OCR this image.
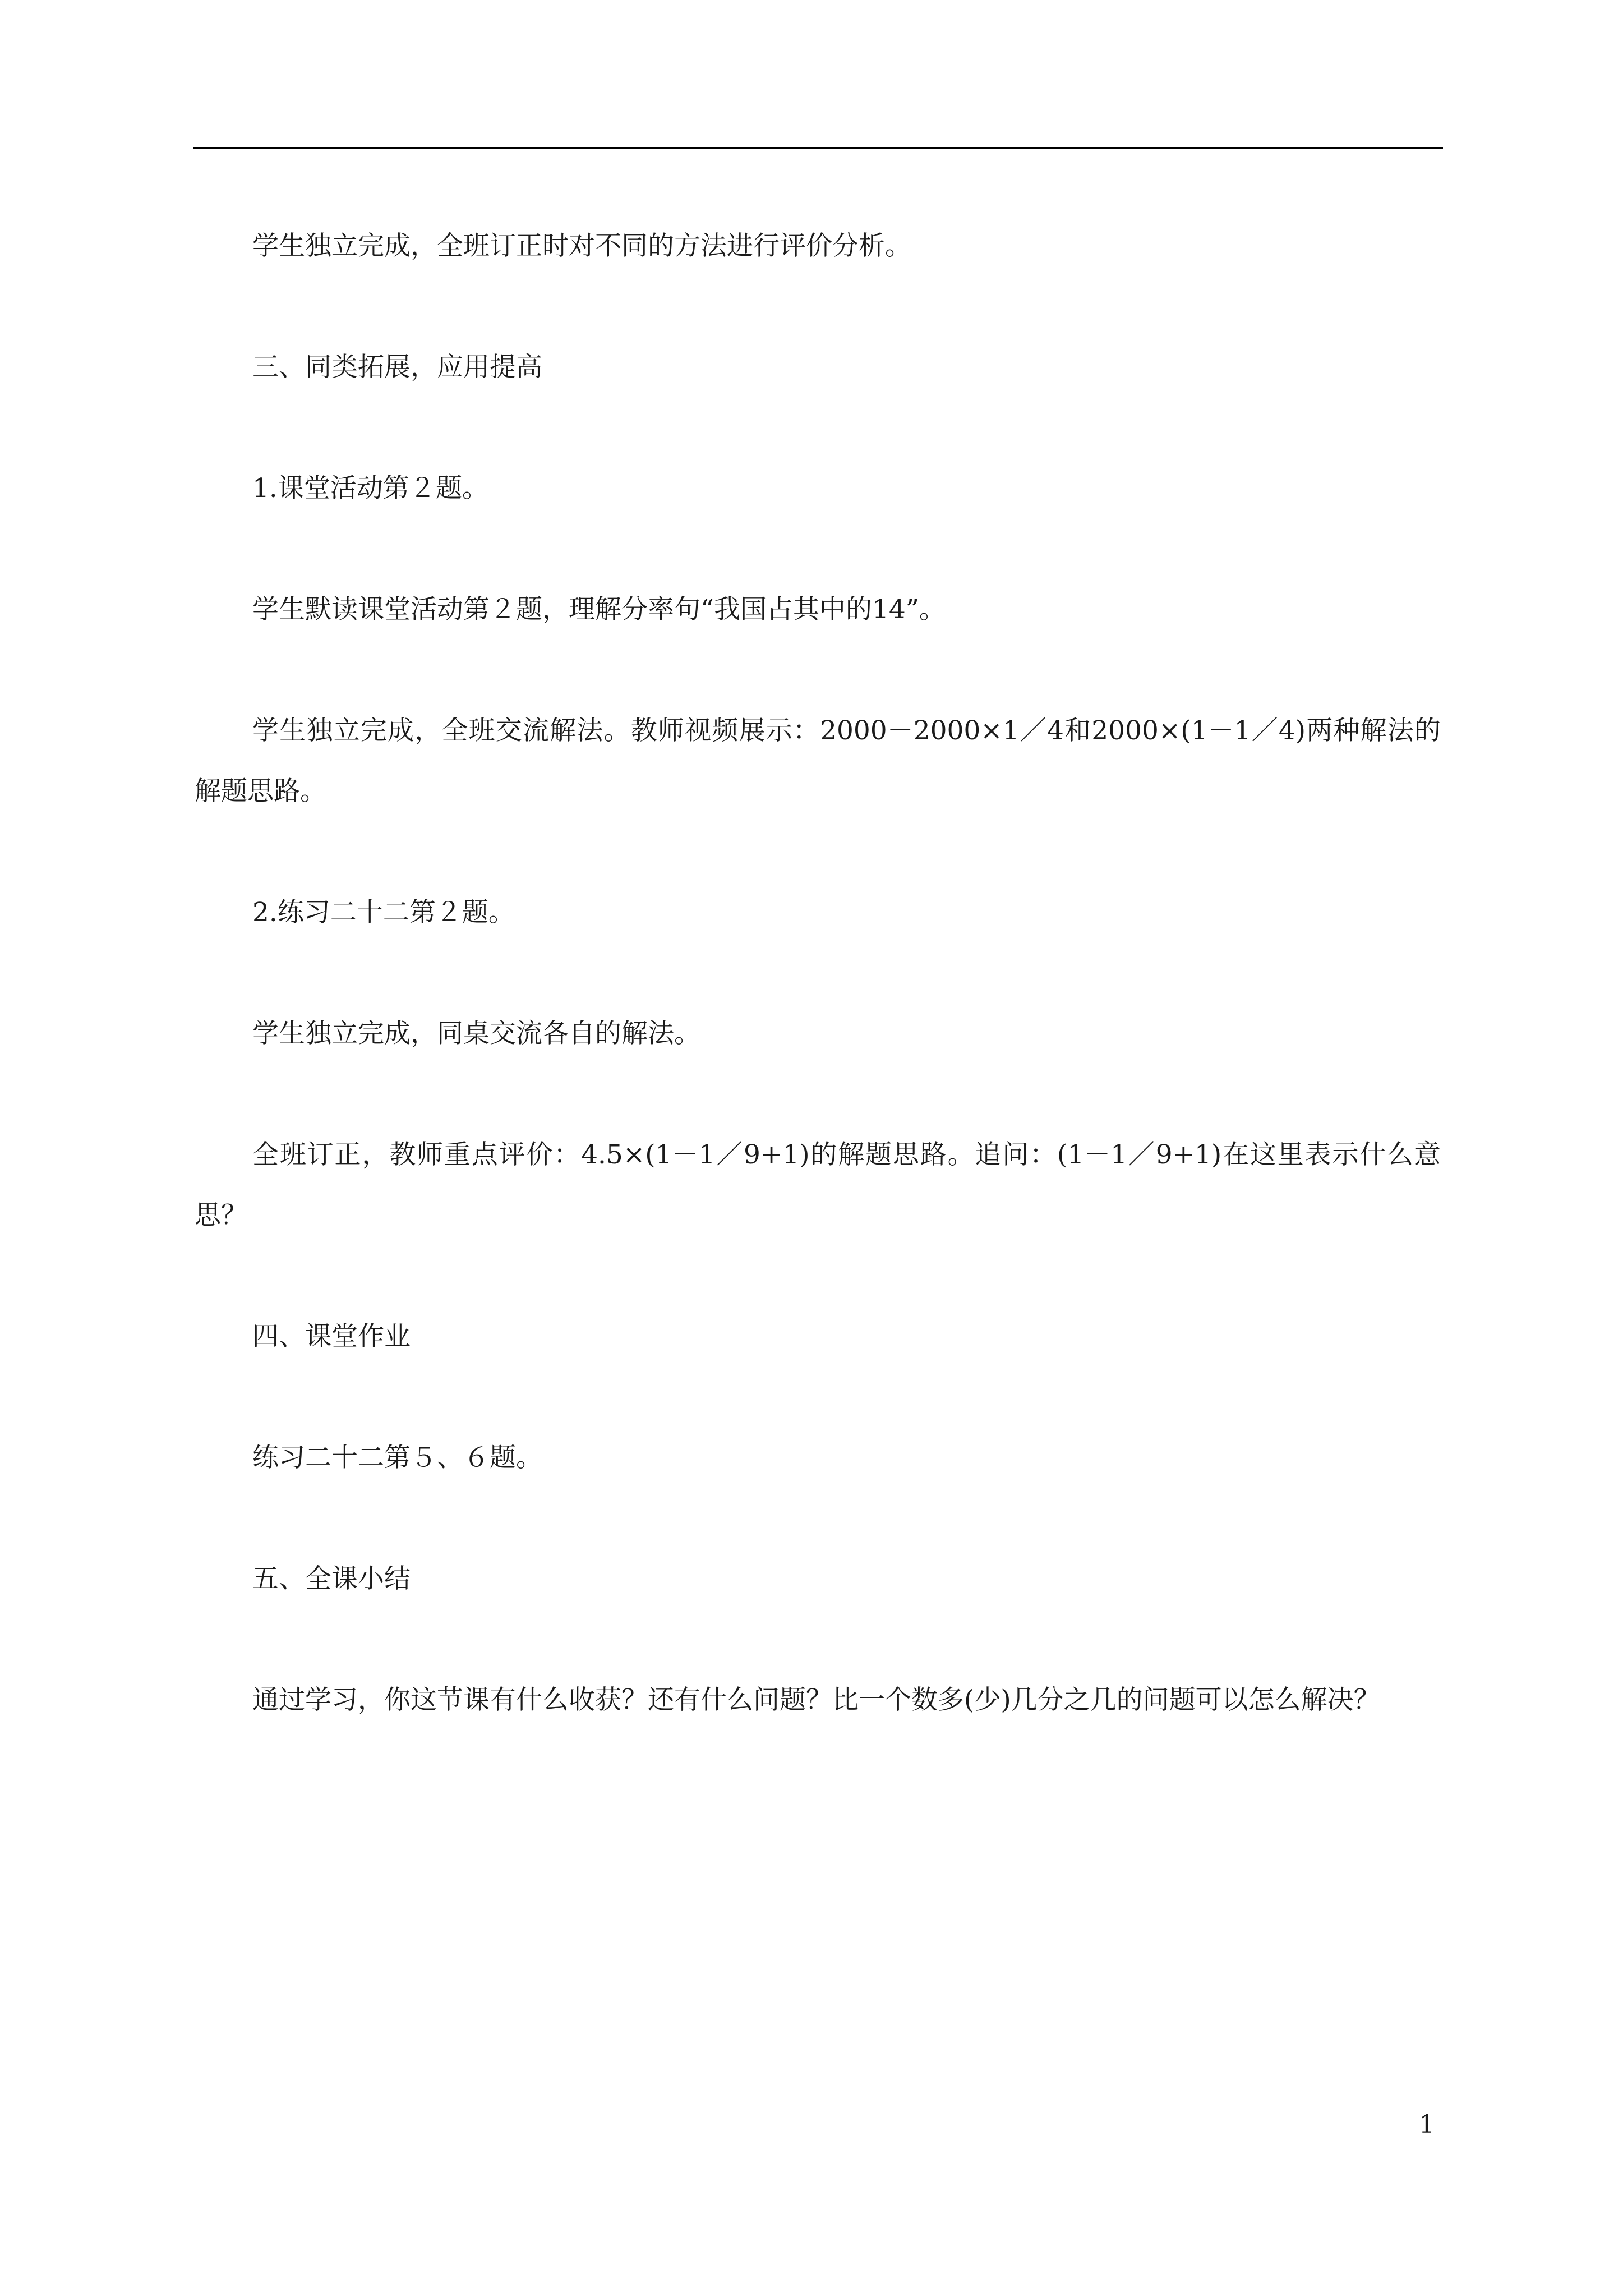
学生独立完成，全班订正时对不同的方法进行评价分析。

三、同类拓展，应用提高

1.课堂活动第２题。

学生默读课堂活动第２题，理解分率句“我国占其中的14”。

学生独立完成，全班交流解法。教师视频展示：2000－2000×1／4和2000×(1－1／4)两种解法的解题思路。

2.练习二十二第２题。

学生独立完成，同桌交流各自的解法。

全班订正，教师重点评价：4.5×(1－1／9+1)的解题思路。追问：(1－1／9+1)在这里表示什么意思？

四、课堂作业

练习二十二第５、６题。

五、全课小结

通过学习，你这节课有什么收获？还有什么问题？比一个数多(少)几分之几的问题可以怎么解决？

1
